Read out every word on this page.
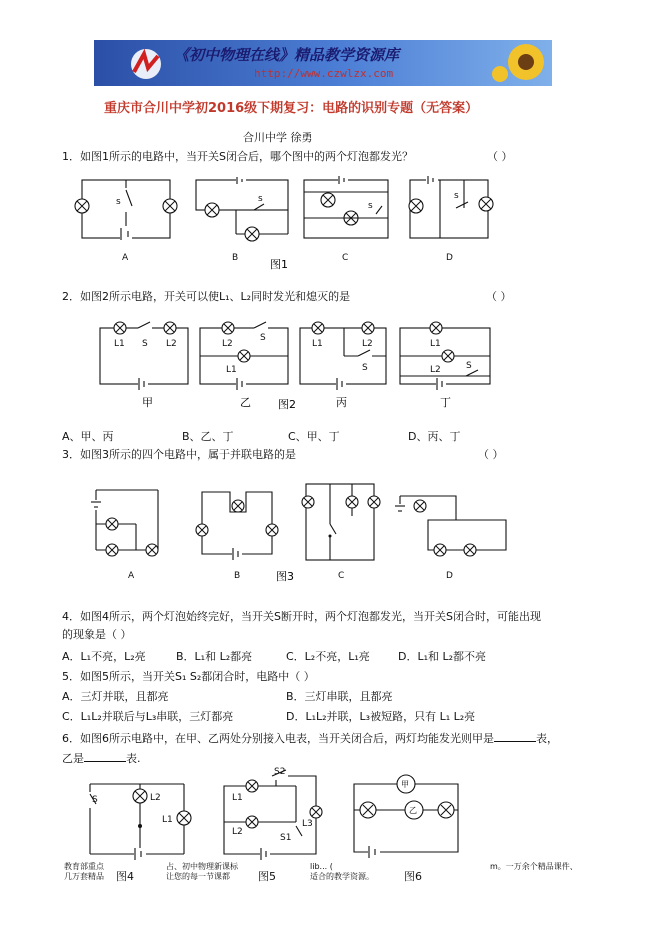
《初中物理在线》精品教学资源库
http://www.czwlzx.com
重庆市合川中学初2016级下期复习：电路的识别专题（无答案）
合川中学 徐勇
1．如图1所示的电路中，当开关S闭合后，哪个图中的两个灯泡都发光？	（ ）
s	s
s
s
A	B	C	D
图1
2．如图2所示电路，开关可以使L₁、L₂同时发光和熄灭的是	（ ）
L1 S L2	L2
L1
S
L1	L2
S
L1
L2	S
甲	乙 图2	丙	丁
A、甲、丙	B、乙、丁	C、甲、丁	D、丙、丁
3．如图3所示的四个电路中，属于并联电路的是	（ ）
A	B	图3	C	D
4．如图4所示，两个灯泡始终完好，当开关S断开时，两个灯泡都发光，当开关S闭合时，可能出现
的现象是（ ）
A．L₁不亮，L₂亮	B．L₁和 L₂都亮	C．L₂不亮，L₁亮	D．L₁和 L₂都不亮
5．如图5所示，当开关S₁ S₂都闭合时，电路中（ ）
A．三灯并联，且都亮	B．三灯串联，且都亮
C．L₁L₂并联后与L₃串联，三灯都亮	D．L₁L₂并联，L₃被短路，只有 L₁ L₂亮
6．如图6所示电路中，在甲、乙两处分别接入电表，当开关闭合后，两灯均能发光则甲是	表，
乙是	表.
S	L2
L1
S2
L1
L2
L3
S1
甲
乙
教育部重点
几万套精品 图4
占、初中物理新课标
让您的每一节课都	图5
lib... (
适合的教学资源。	图6
m。一万余个精品课件、
